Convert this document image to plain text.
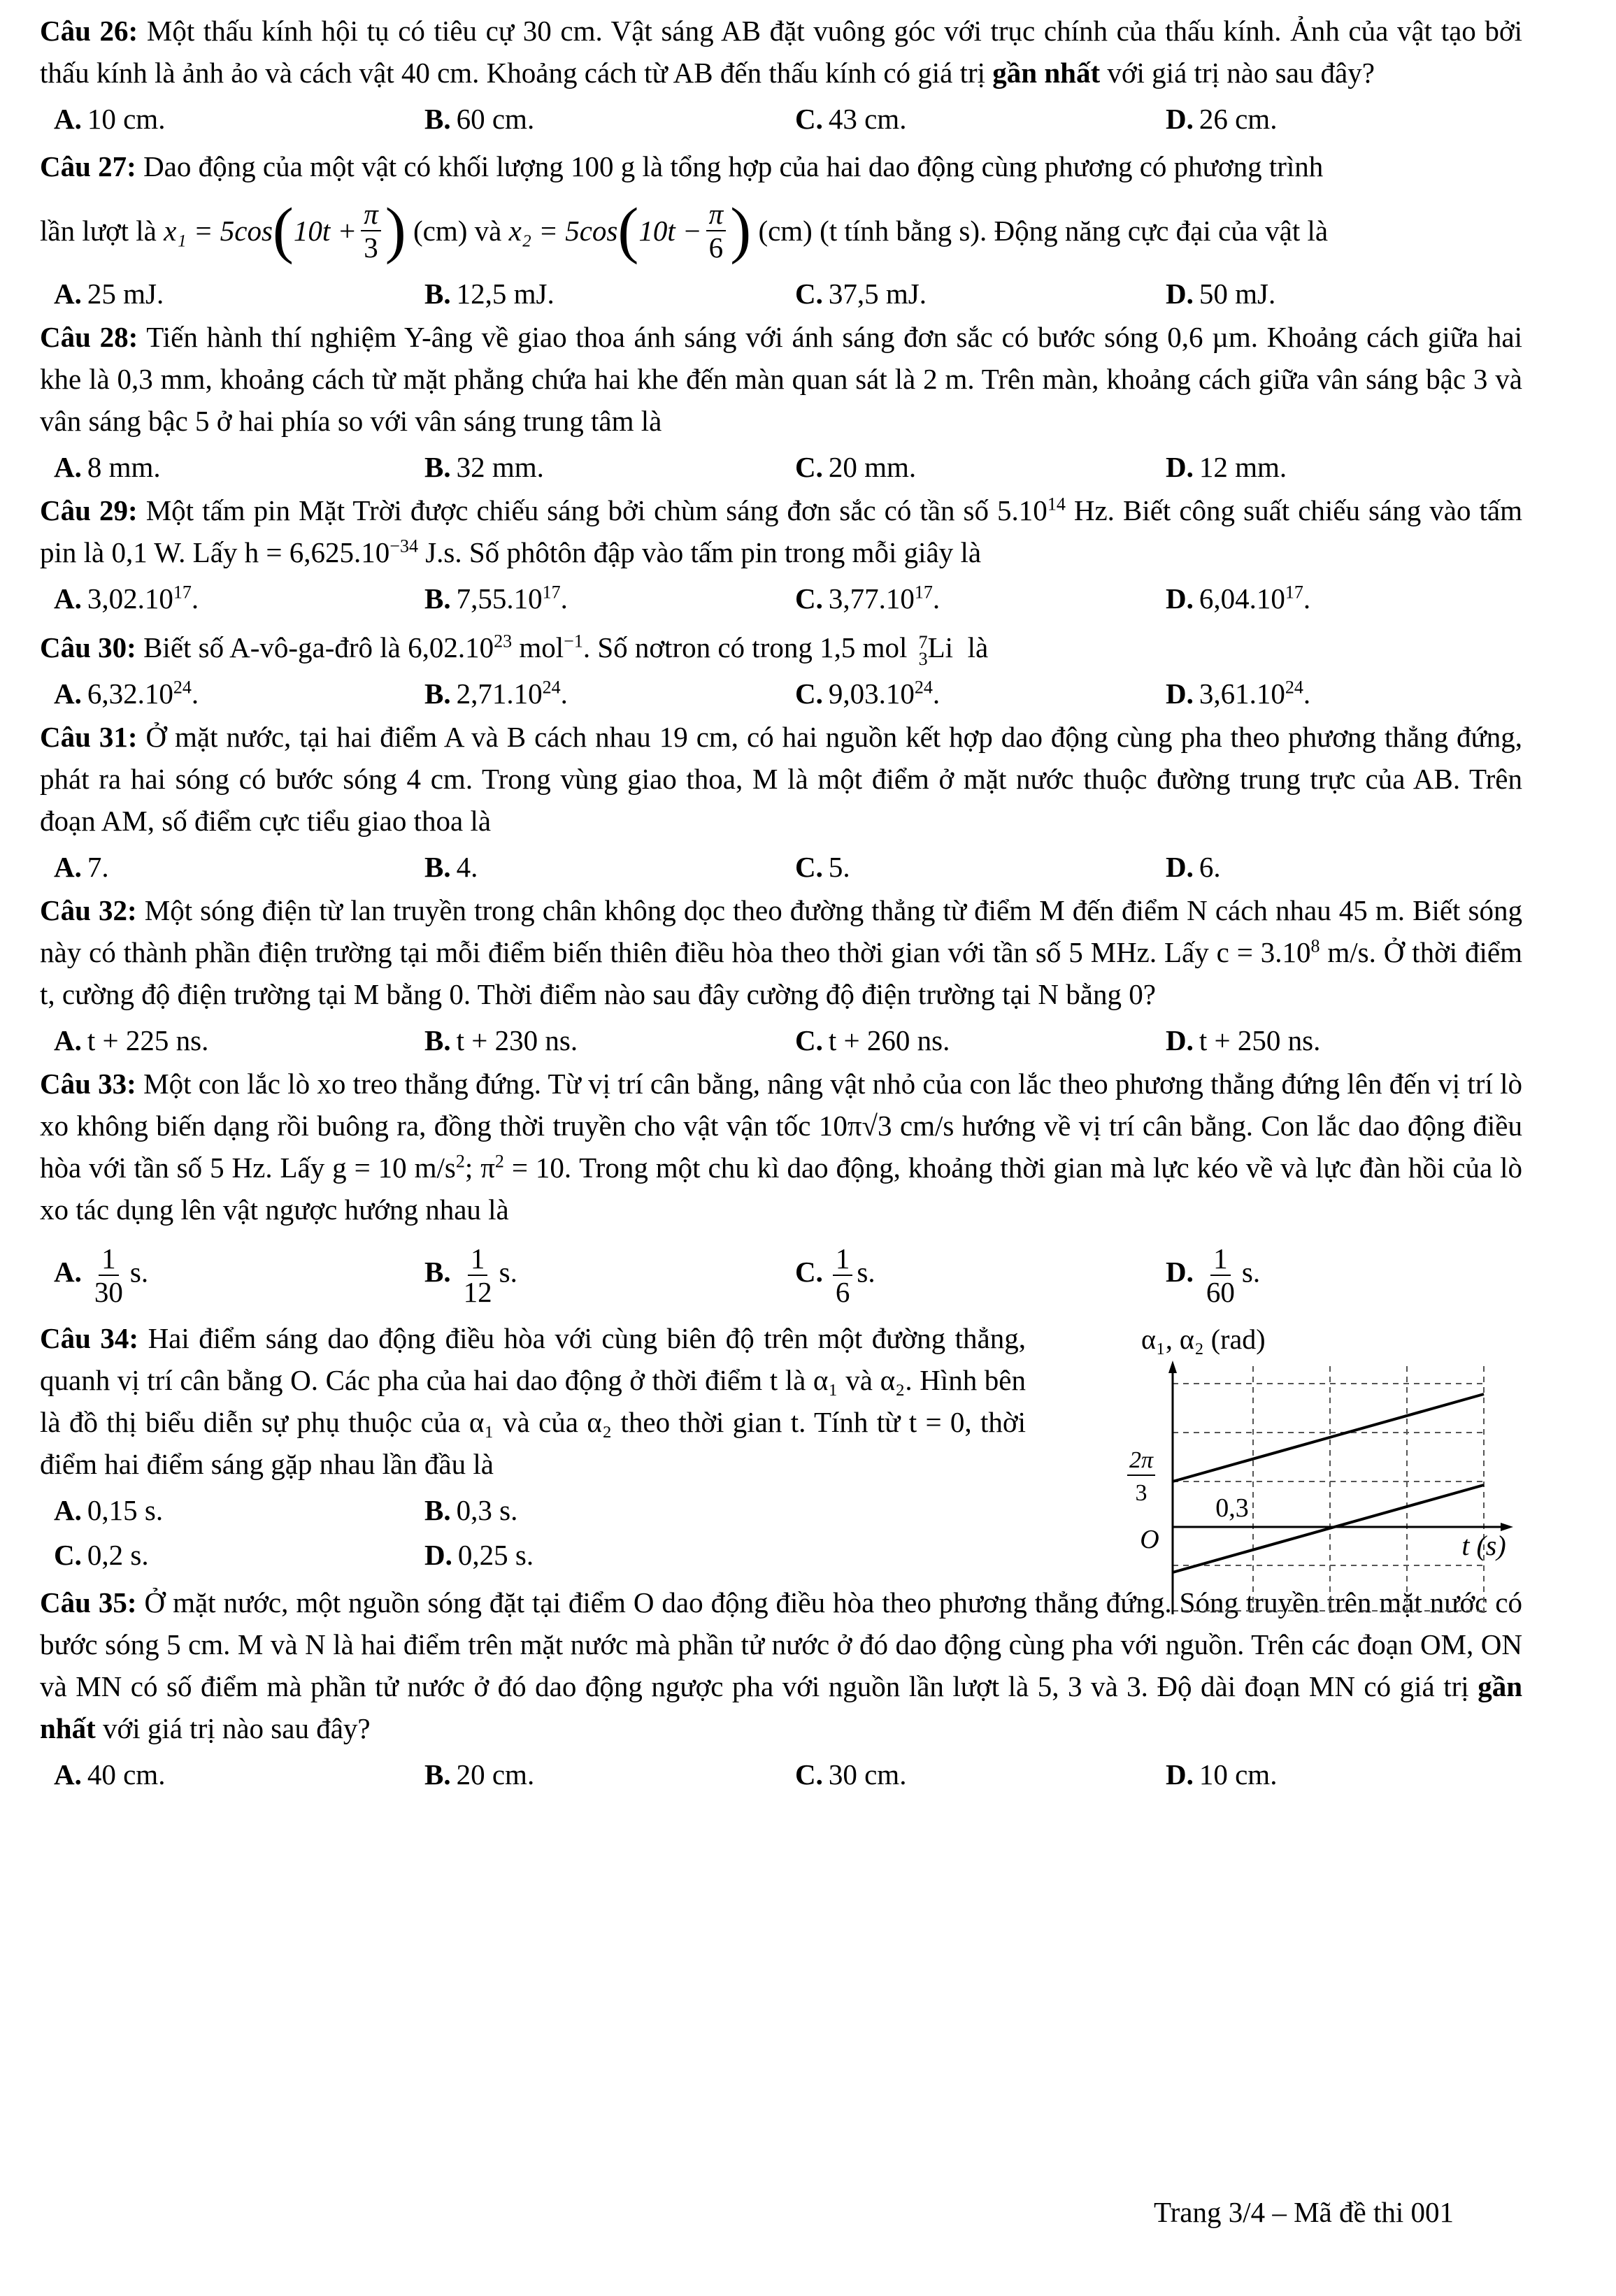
Câu 26: Một thấu kính hội tụ có tiêu cự 30 cm. Vật sáng AB đặt vuông góc với trục chính của thấu kính. Ảnh của vật tạo bởi thấu kính là ảnh ảo và cách vật 40 cm. Khoảng cách từ AB đến thấu kính có giá trị gần nhất với giá trị nào sau đây?

A. 10 cm.	B. 60 cm.	C. 43 cm.	D. 26 cm.

Câu 27: Dao động của một vật có khối lượng 100 g là tổng hợp của hai dao động cùng phương có phương trình

lần lượt là
x₁ = 5cos ( $10t + \frac{\pi}{3}$ )
(cm) và
x₂ = 5cos ( $10t - \frac{\pi}{6}$ )
(cm)
(t tính bằng s). Động năng cực đại của vật là
A. 25 mJ.	B. 12,5 mJ.	C. 37,5 mJ.	D. 50 mJ.

Câu 28: Tiến hành thí nghiệm Y-âng về giao thoa ánh sáng với ánh sáng đơn sắc có bước sóng 0,6 µm. Khoảng cách giữa hai khe là 0,3 mm, khoảng cách từ mặt phẳng chứa hai khe đến màn quan sát là 2 m. Trên màn, khoảng cách giữa vân sáng bậc 3 và vân sáng bậc 5 ở hai phía so với vân sáng trung tâm là

A. 8 mm.	B. 32 mm.	C. 20 mm.	D. 12 mm.

Câu 29: Một tấm pin Mặt Trời được chiếu sáng bởi chùm sáng đơn sắc có tần số 5.10$^{14}$ Hz. Biết công suất chiếu sáng vào tấm pin là 0,1 W. Lấy $h = 6,625.10^{-34}$ J.s. Số phôtôn đập vào tấm pin trong mỗi giây là

A. 3,02.10$^{17}$.	B. 7,55.10$^{17}$.	C. 3,77.10$^{17}$.	D. 6,04.10$^{17}$.

Câu 30: Biết số A-vô-ga-đrô là 6,02.10$^{23}$ mol$^{-1}$. Số nơtron có trong 1,5 mol 7
3 Li là

A. 6,32.10$^{24}$.	B. 2,71.10$^{24}$.	C. 9,03.10$^{24}$.	D. 3,61.10$^{24}$.

Câu 31: Ở mặt nước, tại hai điểm A và B cách nhau 19 cm, có hai nguồn kết hợp dao động cùng pha theo phương thẳng đứng, phát ra hai sóng có bước sóng 4 cm. Trong vùng giao thoa, M là một điểm ở mặt nước thuộc đường trung trực của AB. Trên đoạn AM, số điểm cực tiểu giao thoa là

A. 7.	B. 4.	C. 5.	D. 6.

Câu 32: Một sóng điện từ lan truyền trong chân không dọc theo đường thẳng từ điểm M đến điểm N cách nhau 45 m. Biết sóng này có thành phần điện trường tại mỗi điểm biến thiên điều hòa theo thời gian với tần số 5 MHz. Lấy $c = 3.10^8$ m/s. Ở thời điểm t, cường độ điện trường tại M bằng 0. Thời điểm nào sau đây cường độ điện trường tại N bằng 0?

A. t + 225 ns.	B. t + 230 ns.	C. t + 260 ns.	D. t + 250 ns.

Câu 33: Một con lắc lò xo treo thẳng đứng. Từ vị trí cân bằng, nâng vật nhỏ của con lắc theo phương thẳng đứng lên đến vị trí lò xo không biến dạng rồi buông ra, đồng thời truyền cho vật vận tốc 10π√3 cm/s hướng về vị trí cân bằng. Con lắc dao động điều hòa với tần số 5 Hz. Lấy g = 10 $m/s^2$; $\pi^2 = 10$. Trong một chu kì dao động, khoảng thời gian mà lực kéo về và lực đàn hồi của lò xo tác dụng lên vật ngược hướng nhau là

A. $\frac{1}{30} s$.	B. $\frac{1}{12} s$.	C. $\frac{1}{6} s$.	D. $\frac{1}{60} s$.

Câu 34: Hai điểm sáng dao động điều hòa với cùng biên độ trên một đường thẳng, quanh vị trí cân bằng O. Các pha của hai dao động ở thời điểm t là α₁ và α₂. Hình bên là đồ thị biểu diễn sự phụ thuộc của α₁ và của α₂ theo thời gian t. Tính từ t = 0, thời điểm hai điểm sáng gặp nhau lần đầu là

A. 0,15 s.	B. 0,3 s.
C. 0,2 s.	D. 0,25 s.
α₁, α₂ (rad)
2π
3
O
0,3
t (s)

Câu 35: Ở mặt nước, một nguồn sóng đặt tại điểm O dao động điều hòa theo phương thẳng đứng. Sóng truyền trên mặt nước có bước sóng 5 cm. M và N là hai điểm trên mặt nước mà phần tử nước ở đó dao động cùng pha với nguồn. Trên các đoạn OM, ON và MN có số điểm mà phần tử nước ở đó dao động ngược pha với nguồn lần lượt là 5, 3 và 3. Độ dài đoạn MN có giá trị gần nhất với giá trị nào sau đây?

A. 40 cm.	B. 20 cm.	C. 30 cm.	D. 10 cm.
Trang 3/4 – Mã đề thi 001
